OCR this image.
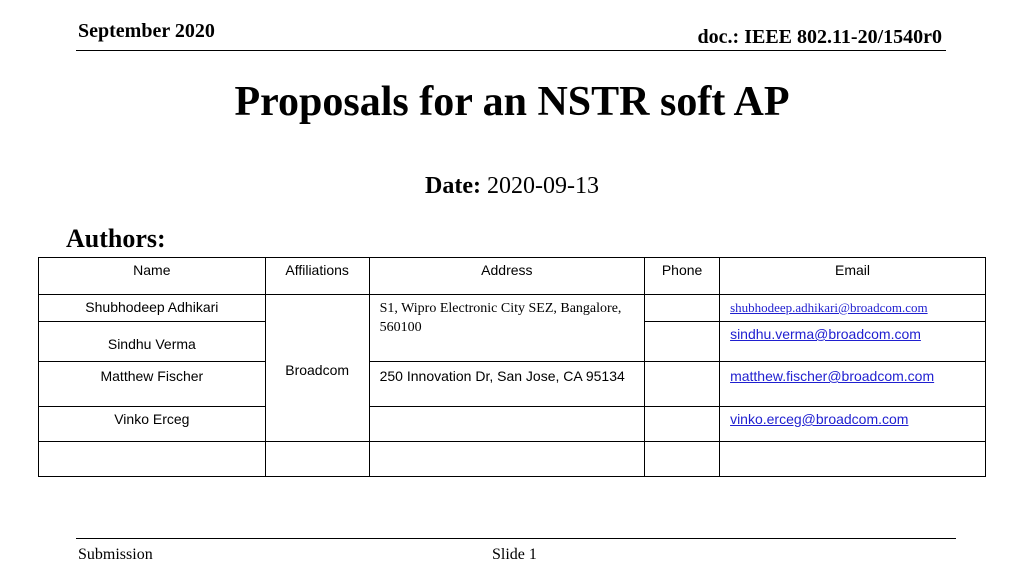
September 2020	doc.: IEEE 802.11-20/1540r0
Proposals for an NSTR soft AP
Date: 2020-09-13
Authors:
Name	Affiliations	Address	Phone	Email
Shubhodeep Adhikari	Broadcom	S1, Wipro Electronic City SEZ, Bangalore, 560100		shubhodeep.adhikari@broadcom.com
Sindhu Verma				sindhu.verma@broadcom.com
Matthew Fischer		250 Innovation Dr, San Jose, CA 95134		matthew.fischer@broadcom.com
Vinko Erceg				vinko.erceg@broadcom.com

Submission	Slide 1
